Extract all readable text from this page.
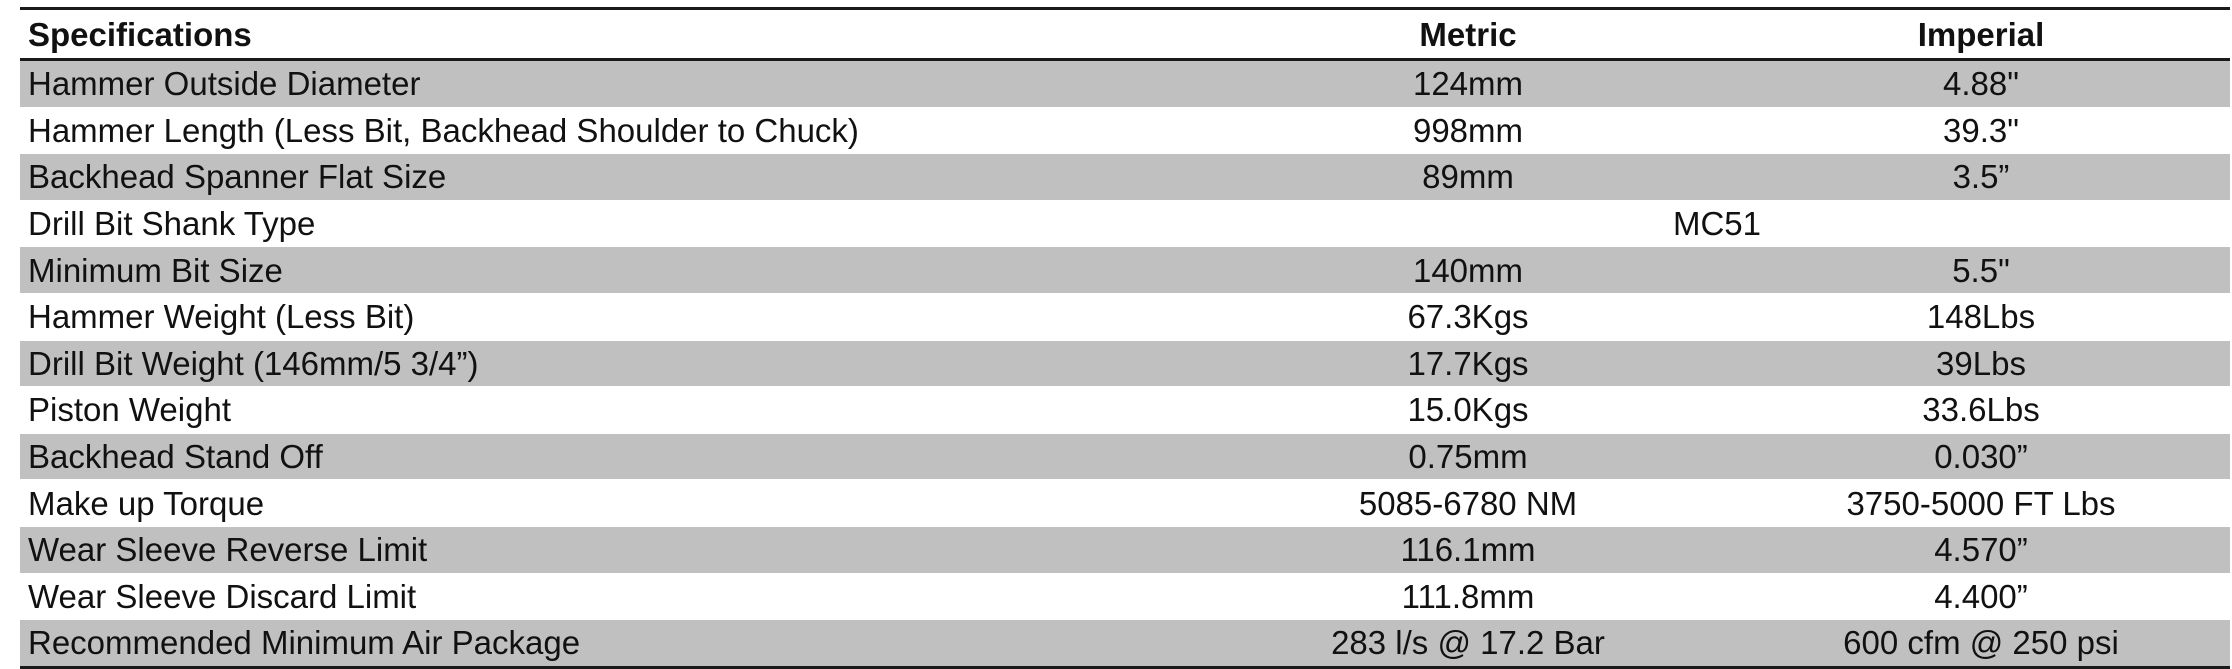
Specifications	Metric	Imperial
Hammer Outside Diameter	124mm	4.88"
Hammer Length (Less Bit, Backhead Shoulder to Chuck)	998mm	39.3"
Backhead Spanner Flat Size	89mm	3.5”
Drill Bit Shank Type	MC51	
Minimum Bit Size	140mm	5.5"
Hammer Weight (Less Bit)	67.3Kgs	148Lbs
Drill Bit Weight (146mm/5 3/4”)	17.7Kgs	39Lbs
Piston Weight	15.0Kgs	33.6Lbs
Backhead Stand Off	0.75mm	0.030”
Make up Torque	5085-6780 NM	3750-5000 FT Lbs
Wear Sleeve Reverse Limit	116.1mm	4.570”
Wear Sleeve Discard Limit	111.8mm	4.400”
Recommended Minimum Air Package	283 l/s @ 17.2 Bar	600 cfm @ 250 psi
